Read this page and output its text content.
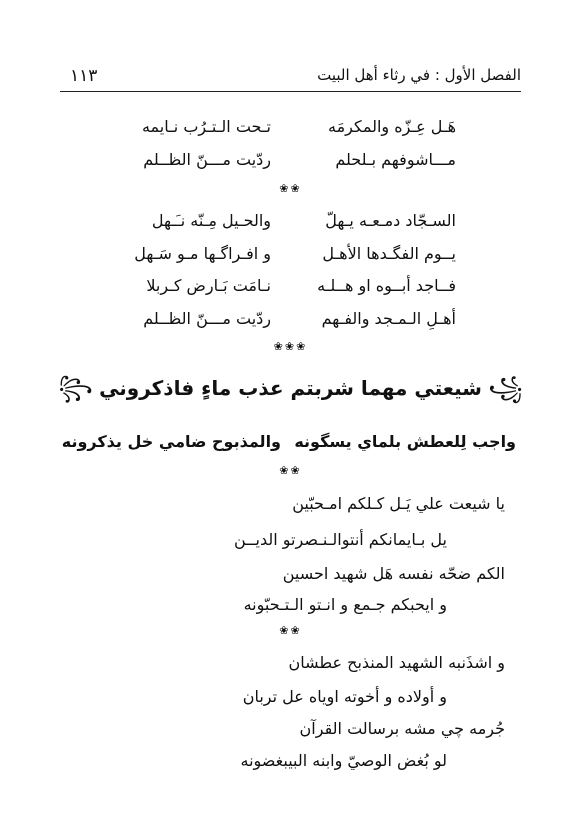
١١٣	الفصل الأول : في رثاء أهل البيت
هَـل عِـزّه والمكرمَه
تـحت الـتـرُب نـايمه
مـــاشوفهم بـلحلم
ردّيت مـــنّ الظــلم
❀❀
السـجّاد دمـعـه يـهلّ
والحـيل مِـنّه نـَـهل
يــوم الفگـدها الأهـل
و افـراگـها مـو سَـهل
فــاجد أبــوه او هــلـه
نـامَت بَـارض كـربلا
أهـلِ الـمـجد والفـهم
ردّيت مـــنّ الظــلم
❀❀❀
꧁ شيعتي مهما شربتم عذب ماءٍ فاذكروني ꧂
واجب لِلعطش بلماي يسگونه
والمذبوح ضامي خل يذكرونه
❀❀
يا شيعت علي يَـل كـلكم امـحبّين
يل بـايمانكم أنتوالـنـصرتو الديــن
الكم ضحّه نفسه هَل شهيد احسين
و ايحبكم جـمع و انـتو الـتـحبّونه
❀❀
و اشذَنبه الشهيد المنذبح عطشان
و أولاده و أخوته اوياه عل تربان
جُرمه چي مشه برسالت القرآن
لو بُغض الوصيّ وابنه البيبغضونه
